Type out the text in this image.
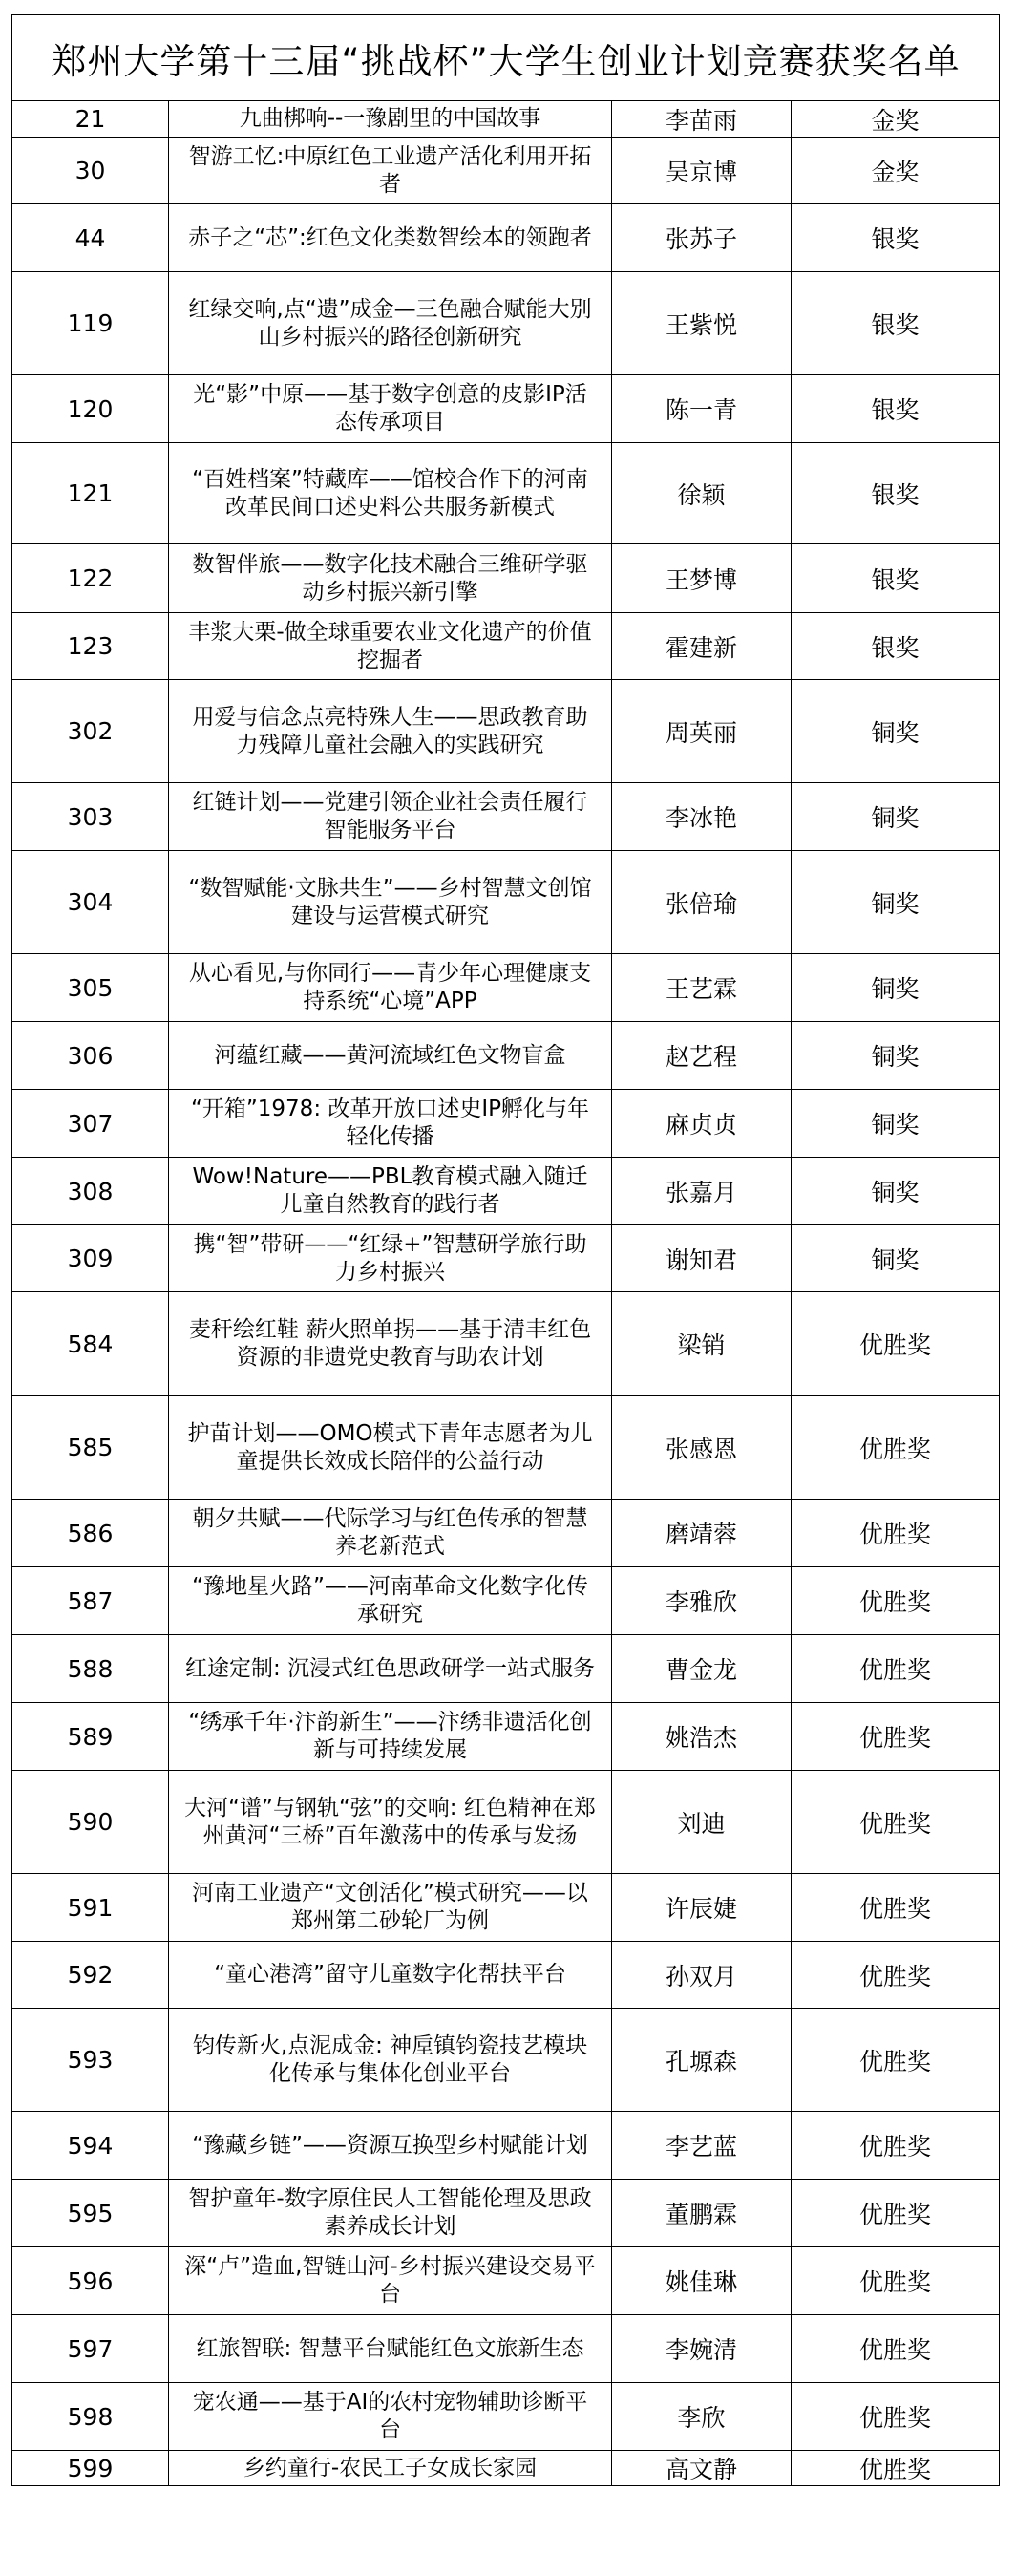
郑州大学第十三届“挑战杯”大学生创业计划竞赛获奖名单			
21	九曲梆响--一豫剧里的中国故事	李苗雨	金奖
30	智游工忆:中原红色工业遗产活化利用开拓者	吴京博	金奖
44	赤子之“芯”:红色文化类数智绘本的领跑者	张苏子	银奖
119	红绿交响,点“遗”成金—三色融合赋能大别山乡村振兴的路径创新研究	王紫悦	银奖
120	光“影”中原——基于数字创意的皮影IP活态传承项目	陈一青	银奖
121	“百姓档案”特藏库——馆校合作下的河南改革民间口述史料公共服务新模式	徐颖	银奖
122	数智伴旅——数字化技术融合三维研学驱动乡村振兴新引擎	王梦博	银奖
123	丰浆大栗-做全球重要农业文化遗产的价值挖掘者	霍建新	银奖
302	用爱与信念点亮特殊人生——思政教育助力残障儿童社会融入的实践研究	周英丽	铜奖
303	红链计划——党建引领企业社会责任履行智能服务平台	李冰艳	铜奖
304	“数智赋能·文脉共生”——乡村智慧文创馆建设与运营模式研究	张倍瑜	铜奖
305	从心看见,与你同行——青少年心理健康支持系统“心境”APP	王艺霖	铜奖
306	河蕴红藏——黄河流域红色文物盲盒	赵艺程	铜奖
307	“开箱”1978: 改革开放口述史IP孵化与年轻化传播	麻贞贞	铜奖
308	Wow!Nature——PBL教育模式融入随迁儿童自然教育的践行者	张嘉月	铜奖
309	携“智”带研——“红绿+”智慧研学旅行助力乡村振兴	谢知君	铜奖
584	麦秆绘红鞋 薪火照单拐——基于清丰红色资源的非遗党史教育与助农计划	梁销	优胜奖
585	护苗计划——OMO模式下青年志愿者为儿童提供长效成长陪伴的公益行动	张感恩	优胜奖
586	朝夕共赋——代际学习与红色传承的智慧养老新范式	磨靖蓉	优胜奖
587	“豫地星火路”——河南革命文化数字化传承研究	李雅欣	优胜奖
588	红途定制: 沉浸式红色思政研学一站式服务	曹金龙	优胜奖
589	“绣承千年·汴韵新生”——汴绣非遗活化创新与可持续发展	姚浩杰	优胜奖
590	大河“谱”与钢轨“弦”的交响: 红色精神在郑州黄河“三桥”百年激荡中的传承与发扬	刘迪	优胜奖
591	河南工业遗产“文创活化”模式研究——以郑州第二砂轮厂为例	许辰婕	优胜奖
592	“童心港湾”留守儿童数字化帮扶平台	孙双月	优胜奖
593	钧传新火,点泥成金: 神垕镇钧瓷技艺模块化传承与集体化创业平台	孔塬森	优胜奖
594	“豫藏乡链”——资源互换型乡村赋能计划	李艺蓝	优胜奖
595	智护童年-数字原住民人工智能伦理及思政素养成长计划	董鹏霖	优胜奖
596	深“卢”造血,智链山河-乡村振兴建设交易平台	姚佳琳	优胜奖
597	红旅智联: 智慧平台赋能红色文旅新生态	李婉清	优胜奖
598	宠农通——基于AI的农村宠物辅助诊断平台	李欣	优胜奖
599	乡约童行-农民工子女成长家园	高文静	优胜奖
